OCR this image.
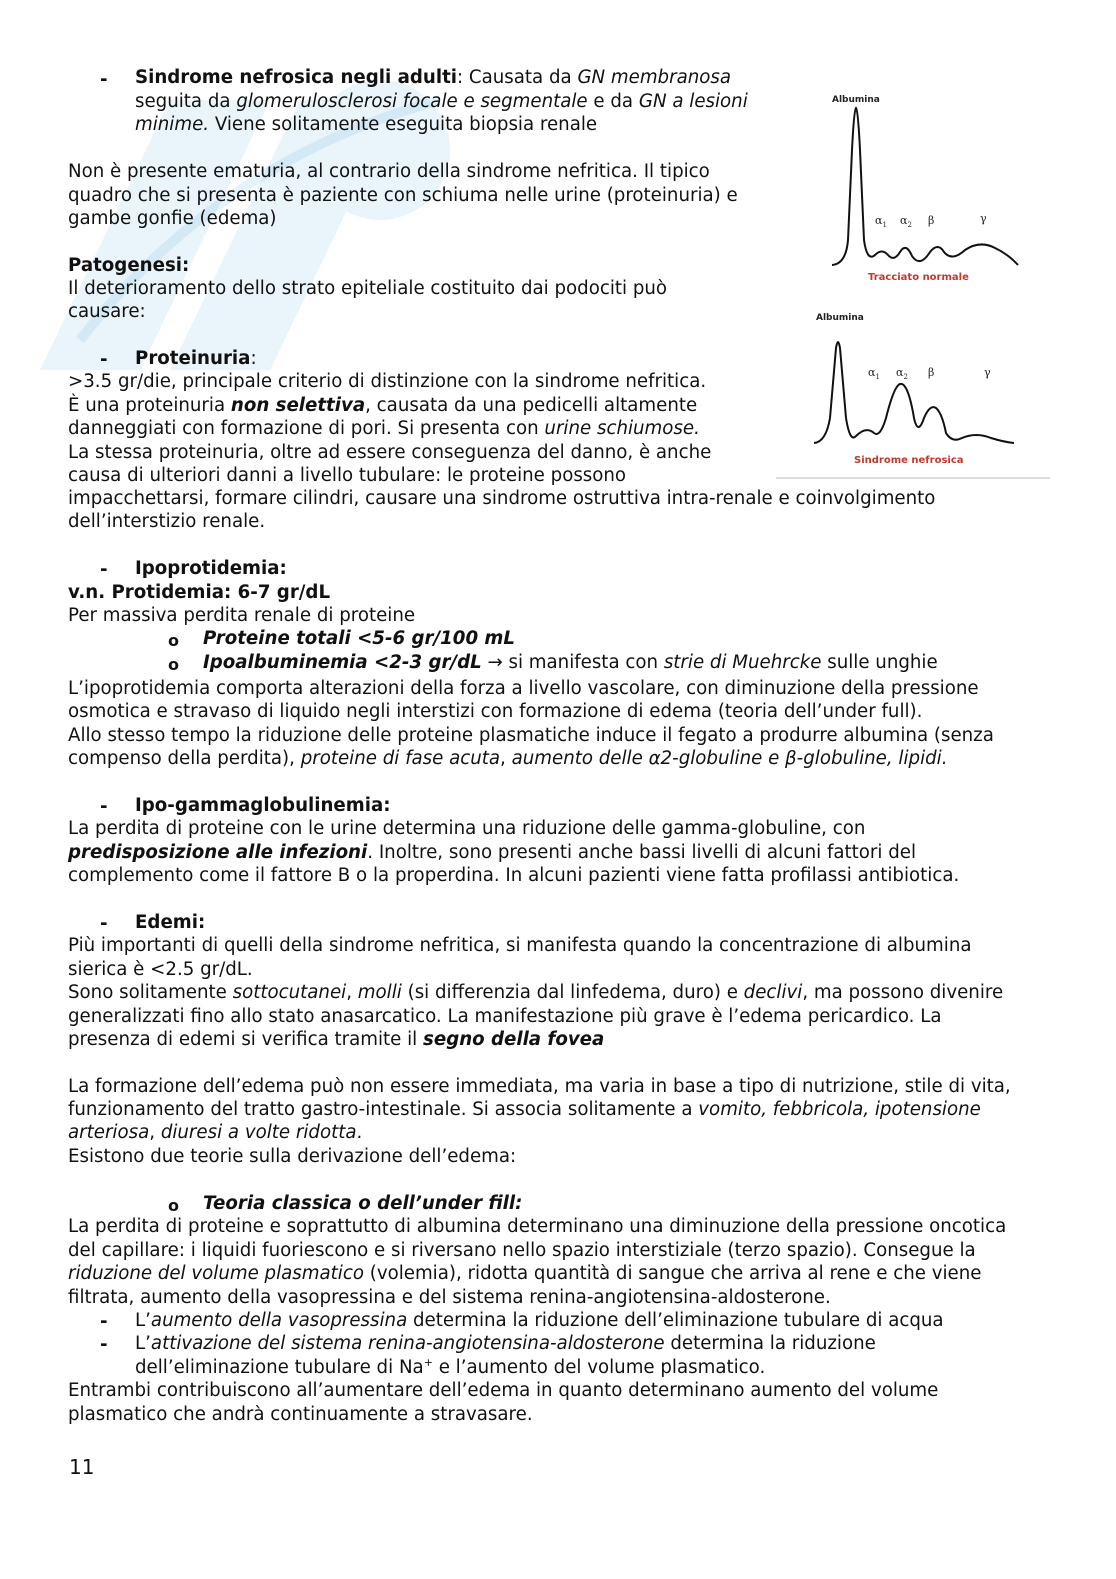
- Sindrome nefrosica negli adulti: Causata da GN membranosa
seguita da glomerulosclerosi focale e segmentale e da GN a lesioni
minime. Viene solitamente eseguita biopsia renale
Non è presente ematuria, al contrario della sindrome nefritica. Il tipico
quadro che si presenta è paziente con schiuma nelle urine (proteinuria) e
gambe gonfie (edema)
Patogenesi:
Il deterioramento dello strato epiteliale costituito dai podociti può
causare:
- Proteinuria:
>3.5 gr/die, principale criterio di distinzione con la sindrome nefritica.
È una proteinuria non selettiva, causata da una pedicelli altamente
danneggiati con formazione di pori. Si presenta con urine schiumose.
La stessa proteinuria, oltre ad essere conseguenza del danno, è anche
causa di ulteriori danni a livello tubulare: le proteine possono
impacchettarsi, formare cilindri, causare una sindrome ostruttiva intra-renale e coinvolgimento
dell’interstizio renale.
- Ipoprotidemia:
v.n. Protidemia: 6-7 gr/dL
Per massiva perdita renale di proteine
o Proteine totali <5-6 gr/100 mL
o Ipoalbuminemia <2-3 gr/dL → si manifesta con strie di Muehrcke sulle unghie
L’ipoprotidemia comporta alterazioni della forza a livello vascolare, con diminuzione della pressione
osmotica e stravaso di liquido negli interstizi con formazione di edema (teoria dell’under full).
Allo stesso tempo la riduzione delle proteine plasmatiche induce il fegato a produrre albumina (senza
compenso della perdita), proteine di fase acuta, aumento delle α2-globuline e β-globuline, lipidi.
- Ipo-gammaglobulinemia:
La perdita di proteine con le urine determina una riduzione delle gamma-globuline, con
predisposizione alle infezioni. Inoltre, sono presenti anche bassi livelli di alcuni fattori del
complemento come il fattore B o la properdina. In alcuni pazienti viene fatta profilassi antibiotica.
- Edemi:
Più importanti di quelli della sindrome nefritica, si manifesta quando la concentrazione di albumina
sierica è <2.5 gr/dL.
Sono solitamente sottocutanei, molli (si differenzia dal linfedema, duro) e declivi, ma possono divenire
generalizzati fino allo stato anasarcatico. La manifestazione più grave è l’edema pericardico. La
presenza di edemi si verifica tramite il segno della fovea
La formazione dell’edema può non essere immediata, ma varia in base a tipo di nutrizione, stile di vita,
funzionamento del tratto gastro-intestinale. Si associa solitamente a vomito, febbricola, ipotensione
arteriosa, diuresi a volte ridotta.
Esistono due teorie sulla derivazione dell’edema:
o Teoria classica o dell’under fill:
La perdita di proteine e soprattutto di albumina determinano una diminuzione della pressione oncotica
del capillare: i liquidi fuoriescono e si riversano nello spazio interstiziale (terzo spazio). Consegue la
riduzione del volume plasmatico (volemia), ridotta quantità di sangue che arriva al rene e che viene
filtrata, aumento della vasopressina e del sistema renina-angiotensina-aldosterone.
- L’aumento della vasopressina determina la riduzione dell’eliminazione tubulare di acqua
- L’attivazione del sistema renina-angiotensina-aldosterone determina la riduzione
dell’eliminazione tubulare di Na+ e l’aumento del volume plasmatico.
Entrambi contribuiscono all’aumentare dell’edema in quanto determinano aumento del volume
plasmatico che andrà continuamente a stravasare.
Albumina
$\alpha_1$ $\alpha_2$ β	γ
Tracciato normale
Albumina
$\alpha_1$ $\alpha_2$ β	γ
Sindrome nefrosica
11
